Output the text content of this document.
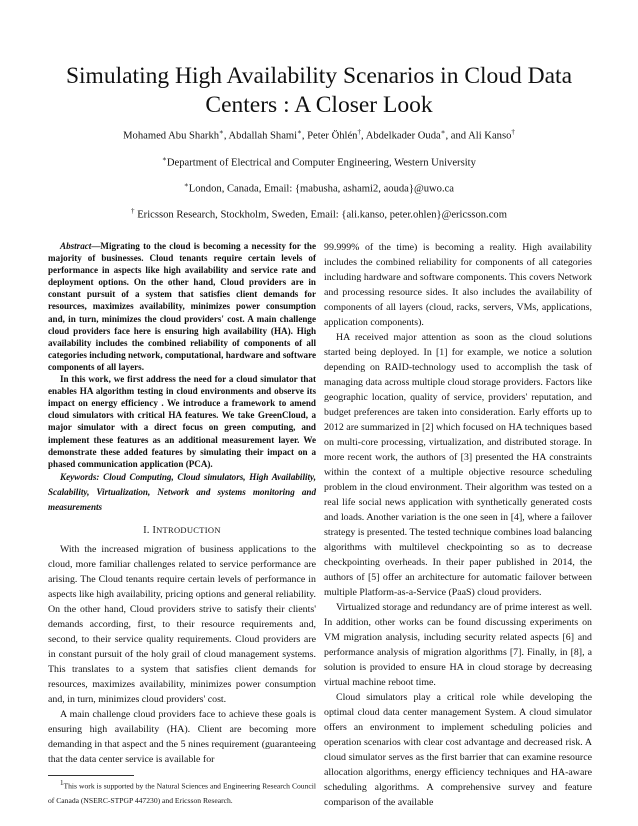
Simulating High Availability Scenarios in Cloud Data Centers : A Closer Look
Mohamed Abu Sharkh∗, Abdallah Shami∗, Peter Öhlén†, Abdelkader Ouda∗, and Ali Kanso†
∗Department of Electrical and Computer Engineering, Western University
∗London, Canada, Email: {mabusha, ashami2, aouda}@uwo.ca
† Ericsson Research, Stockholm, Sweden, Email: {ali.kanso, peter.ohlen}@ericsson.com

Abstract—Migrating to the cloud is becoming a necessity for the majority of businesses. Cloud tenants require certain levels of performance in aspects like high availability and service rate and deployment options. On the other hand, Cloud providers are in constant pursuit of a system that satisfies client demands for resources, maximizes availability, minimizes power consumption and, in turn, minimizes the cloud providers' cost. A main challenge cloud providers face here is ensuring high availability (HA). High availability includes the combined reliability of components of all categories including network, computational, hardware and software components of all layers.

In this work, we first address the need for a cloud simulator that enables HA algorithm testing in cloud environments and observe its impact on energy efficiency . We introduce a framework to amend cloud simulators with critical HA features. We take GreenCloud, a major simulator with a direct focus on green computing, and implement these features as an additional measurement layer. We demonstrate these added features by simulating their impact on a phased communication application (PCA).

Keywords: Cloud Computing, Cloud simulators, High Availability, Scalability, Virtualization, Network and systems monitoring and measurements

I. INTRODUCTION

With the increased migration of business applications to the cloud, more familiar challenges related to service performance are arising. The Cloud tenants require certain levels of performance in aspects like high availability, pricing options and general reliability. On the other hand, Cloud providers strive to satisfy their clients' demands according, first, to their resource requirements and, second, to their service quality requirements. Cloud providers are in constant pursuit of the holy grail of cloud management systems. This translates to a system that satisfies client demands for resources, maximizes availability, minimizes power consumption and, in turn, minimizes cloud providers' cost.

A main challenge cloud providers face to achieve these goals is ensuring high availability (HA). Client are becoming more demanding in that aspect and the 5 nines requirement (guaranteeing that the data center service is available for

$^1$This work is supported by the Natural Sciences and Engineering Research Council of Canada (NSERC-STPGP 447230) and Ericsson Research.

99.999% of the time) is becoming a reality. High availability includes the combined reliability for components of all categories including hardware and software components. This covers Network and processing resource sides. It also includes the availability of components of all layers (cloud, racks, servers, VMs, applications, application components).

HA received major attention as soon as the cloud solutions started being deployed. In [1] for example, we notice a solution depending on RAID-technology used to accomplish the task of managing data across multiple cloud storage providers. Factors like geographic location, quality of service, providers' reputation, and budget preferences are taken into consideration. Early efforts up to 2012 are summarized in [2] which focused on HA techniques based on multi-core processing, virtualization, and distributed storage. In more recent work, the authors of [3] presented the HA constraints within the context of a multiple objective resource scheduling problem in the cloud environment. Their algorithm was tested on a real life social news application with synthetically generated costs and loads. Another variation is the one seen in [4], where a failover strategy is presented. The tested technique combines load balancing algorithms with multilevel checkpointing so as to decrease checkpointing overheads. In their paper published in 2014, the authors of [5] offer an architecture for automatic failover between multiple Platform-as-a-Service (PaaS) cloud providers.

Virtualized storage and redundancy are of prime interest as well. In addition, other works can be found discussing experiments on VM migration analysis, including security related aspects [6] and performance analysis of migration algorithms [7]. Finally, in [8], a solution is provided to ensure HA in cloud storage by decreasing virtual machine reboot time.

Cloud simulators play a critical role while developing the optimal cloud data center management System. A cloud simulator offers an environment to implement scheduling policies and operation scenarios with clear cost advantage and decreased risk. A cloud simulator serves as the first barrier that can examine resource allocation algorithms, energy efficiency techniques and HA-aware scheduling algorithms. A comprehensive survey and feature comparison of the available
